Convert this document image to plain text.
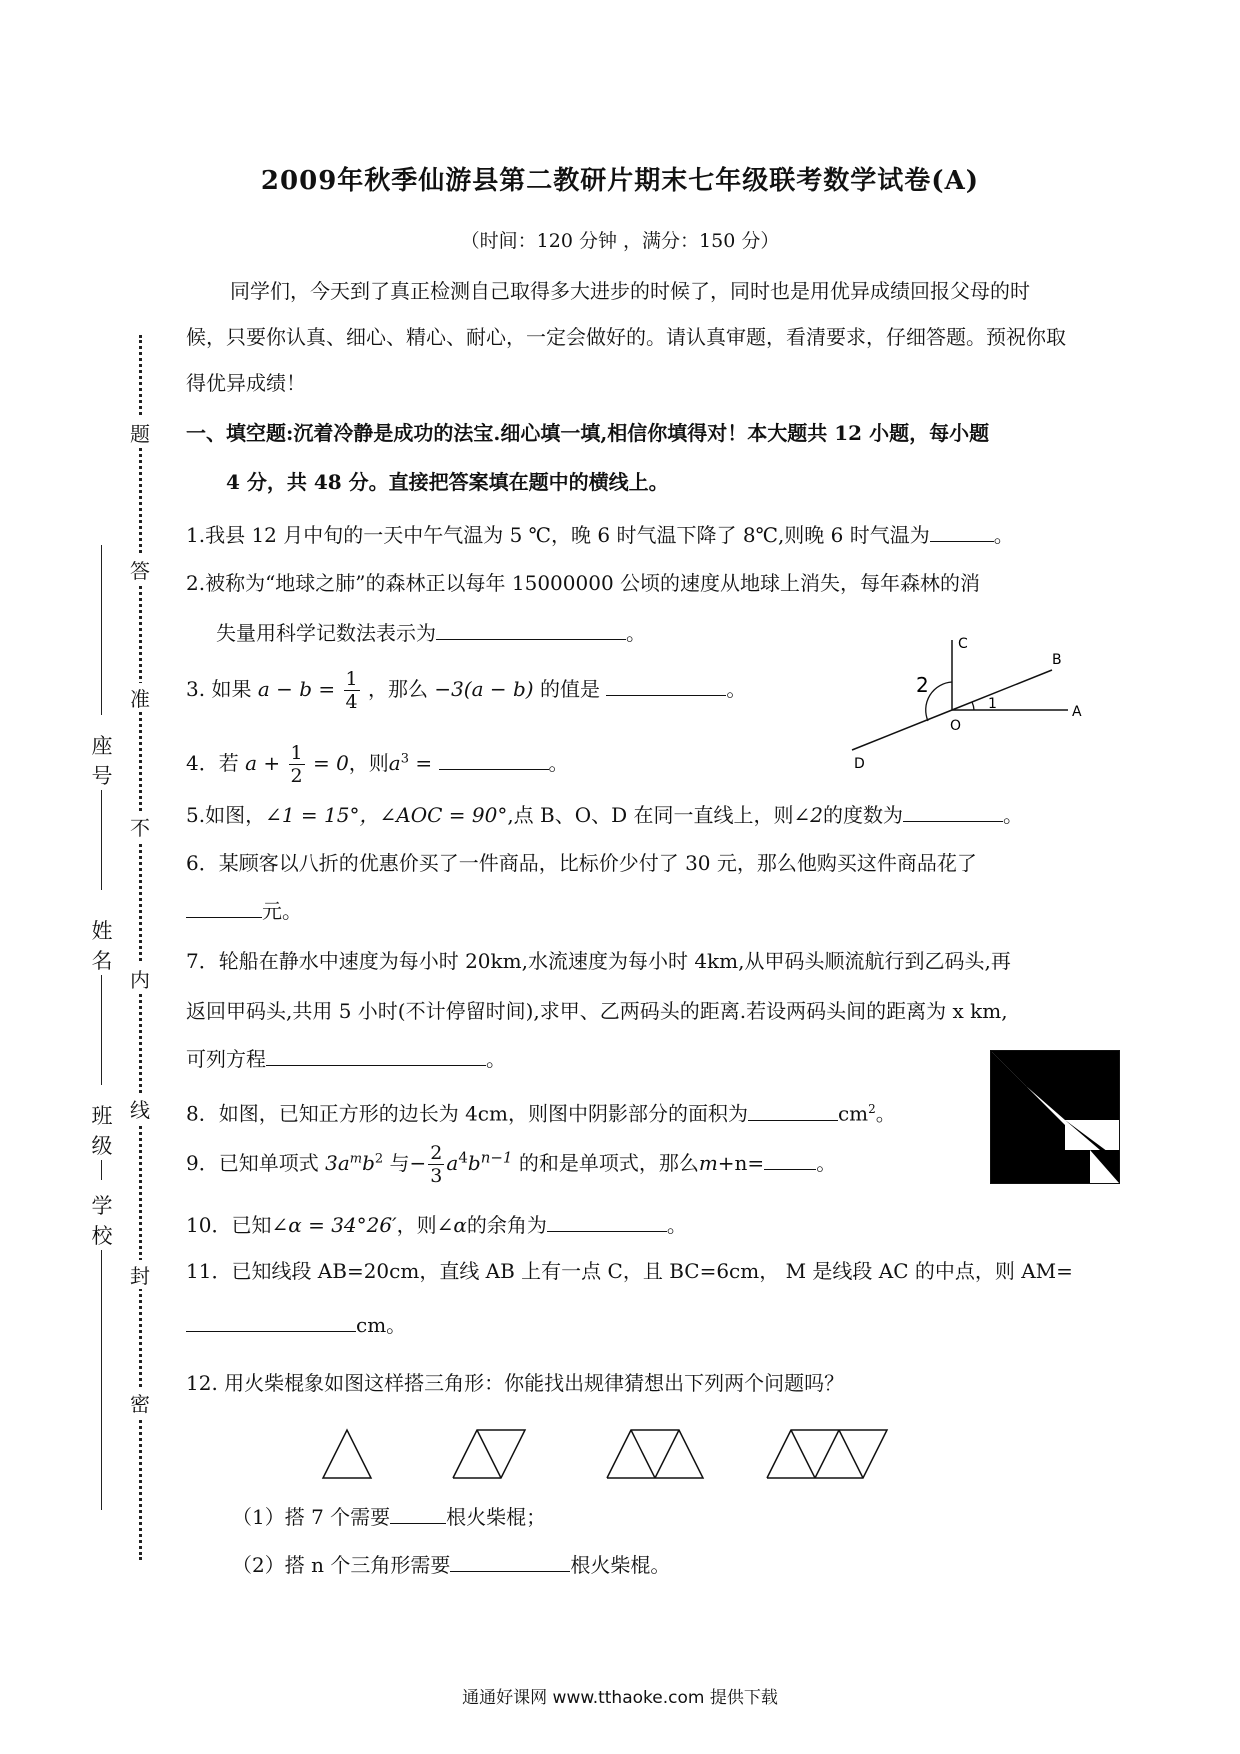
题
答
准
不
内
线
封
密
座号
姓名
班级
学校
2009年秋季仙游县第二教研片期末七年级联考数学试卷(A)
（时间：120 分钟 ，满分：150 分）
同学们，今天到了真正检测自己取得多大进步的时候了，同时也是用优异成绩回报父母的时候，只要你认真、细心、精心、耐心，一定会做好的。请认真审题，看清要求，仔细答题。预祝你取得优异成绩！
一、填空题:沉着冷静是成功的法宝.细心填一填,相信你填得对！本大题共 12 小题，每小题
4 分，共 48 分。直接把答案填在题中的横线上。
1.我县 12 月中旬的一天中午气温为 5 ℃，晚 6 时气温下降了 8℃,则晚 6 时气温为	。
2.被称为“地球之肺”的森林正以每年 15000000 公顷的速度从地球上消失，每年森林的消
失量用科学记数法表示为	。
3. 如果 $a - b = \frac{1}{4}$ ，那么 −3(a − b) 的值是	。
4．若 $a + \frac{1}{2} = 0$，则$a^3$ =	。
C
B
2
1
O
A
D
5.如图，∠1 = 15°，∠AOC = 90°,点 B、O、D 在同一直线上，则∠2的度数为	。
6．某顾客以八折的优惠价买了一件商品，比标价少付了 30 元，那么他购买这件商品花了
元。
7．轮船在静水中速度为每小时 20km,水流速度为每小时 4km,从甲码头顺流航行到乙码头,再
返回甲码头,共用 5 小时(不计停留时间),求甲、乙两码头的距离.若设两码头间的距离为 x km,
可列方程	。
8．如图，已知正方形的边长为 4cm，则图中阴影部分的面积为	$cm^2$。
9．已知单项式 $3a^mb^2$ 与− $\frac{2}{3} a^4b^{n-1}$ 的和是单项式，那么m+n=	。
10．已知∠α = 34°26′，则∠α的余角为	。
11．已知线段 AB=20cm，直线 AB 上有一点 C，且 BC=6cm， M 是线段 AC 的中点，则 AM=
cm。
12. 用火柴棍象如图这样搭三角形：你能找出规律猜想出下列两个问题吗？
（1）搭 7 个需要	根火柴棍；
（2）搭 n 个三角形需要	根火柴棍。
通通好课网 www.tthaoke.com 提供下载
